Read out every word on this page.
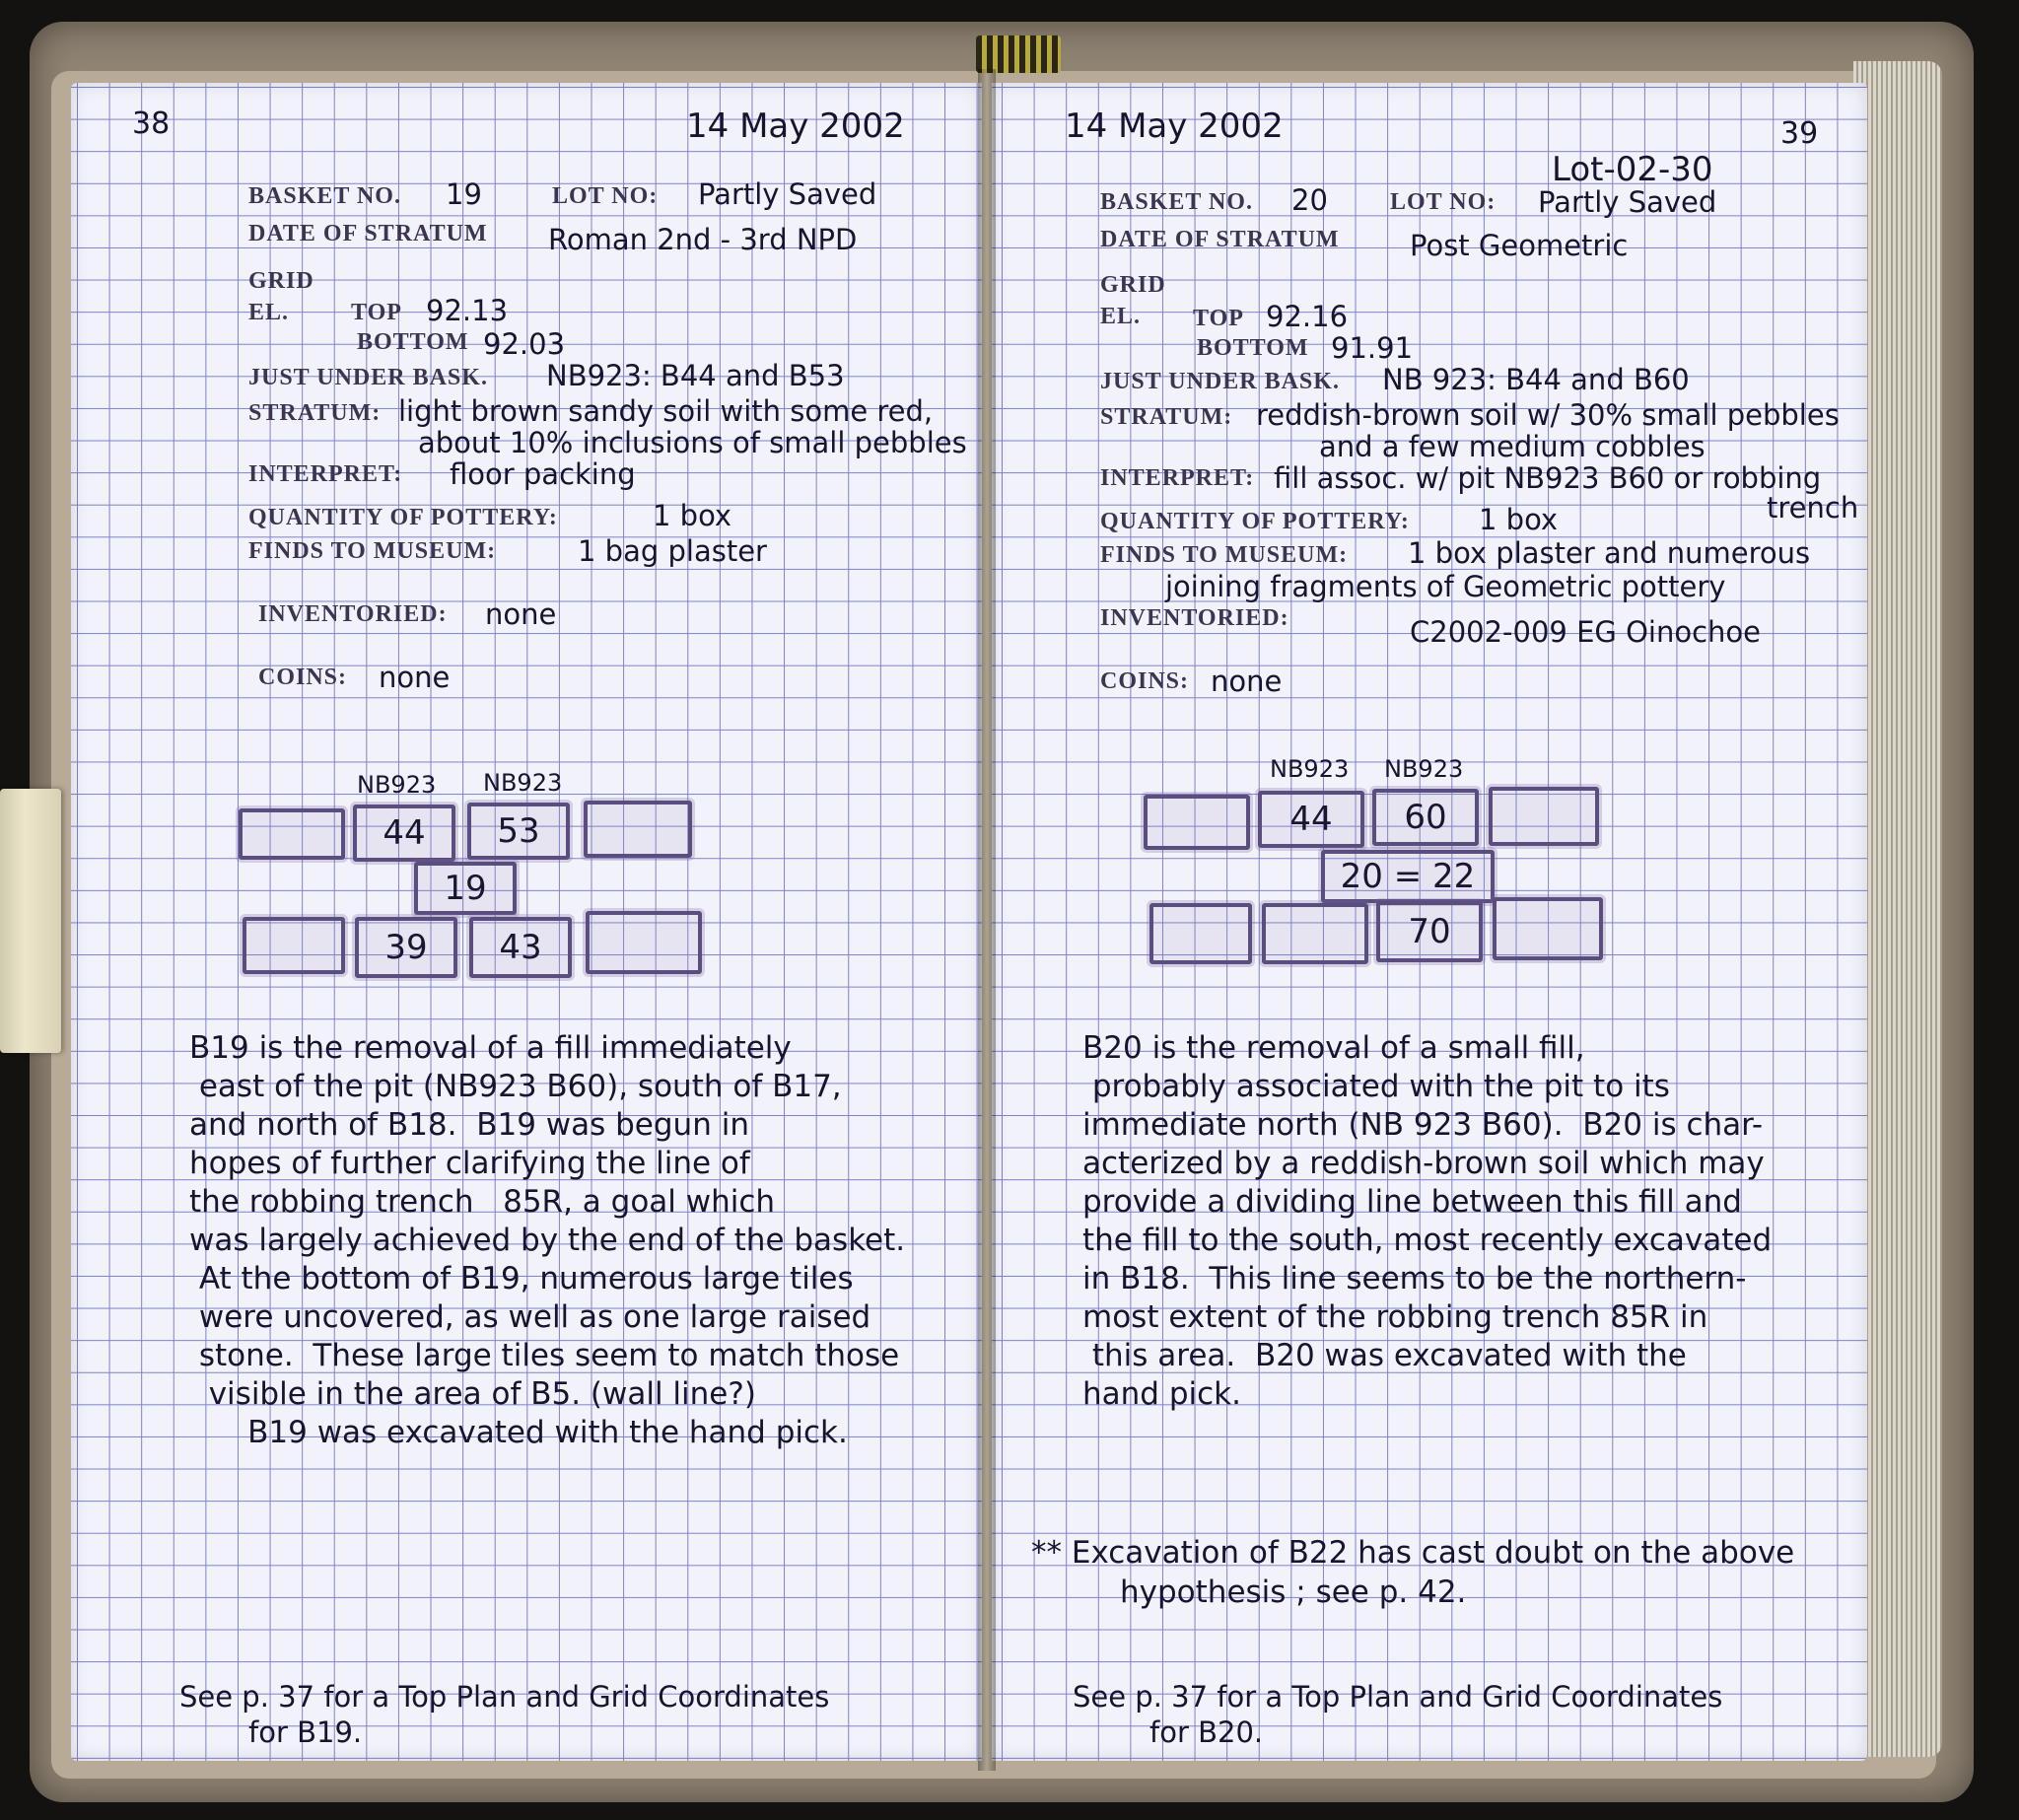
38	14 May 2002
BASKET NO. 19	LOT NO: Partly Saved
DATE OF STRATUM Roman 2nd - 3rd NPD
GRID
EL.	TOP 92.13
BOTTOM 92.03
JUST UNDER BASK. NB923: B44 and B53
STRATUM: light brown sandy soil with some red,
about 10% inclusions of small pebbles
INTERPRET: floor packing
QUANTITY OF POTTERY:	1 box
FINDS TO MUSEUM:	1 bag plaster
INVENTORIED: none
COINS: none
NB923 NB923
44	53
19
39	43
B19 is the removal of a fill immediately
east of the pit (NB923 B60), south of B17,
and north of B18.  B19 was begun in
hopes of further clarifying the line of
the robbing trench   85R, a goal which
was largely achieved by the end of the basket.
At the bottom of B19, numerous large tiles
were uncovered, as well as one large raised
stone.  These large tiles seem to match those
visible in the area of B5. (wall line?)
B19 was excavated with the hand pick.
See p. 37 for a Top Plan and Grid Coordinates
for B19.
14 May 2002	39
Lot-02-30
BASKET NO. 20	LOT NO: Partly Saved
DATE OF STRATUM Post Geometric
GRID
EL. TOP 92.16
BOTTOM 91.91
JUST UNDER BASK. NB 923: B44 and B60
STRATUM: reddish-brown soil w/ 30% small pebbles
and a few medium cobbles
INTERPRET: fill assoc. w/ pit NB923 B60 or robbing
trench
QUANTITY OF POTTERY: 1 box
FINDS TO MUSEUM: 1 box plaster and numerous
joining fragments of Geometric pottery
INVENTORIED:	C2002-009 EG Oinochoe
COINS: none
NB923 NB923
44	60
20 = 22
70
B20 is the removal of a small fill,
probably associated with the pit to its
immediate north (NB 923 B60).  B20 is char-
acterized by a reddish-brown soil which may
provide a dividing line between this fill and
the fill to the south, most recently excavated
in B18.  This line seems to be the northern-
most extent of the robbing trench 85R in
this area.  B20 was excavated with the
hand pick.
** Excavation of B22 has cast doubt on the above
hypothesis ; see p. 42.
See p. 37 for a Top Plan and Grid Coordinates
for B20.
